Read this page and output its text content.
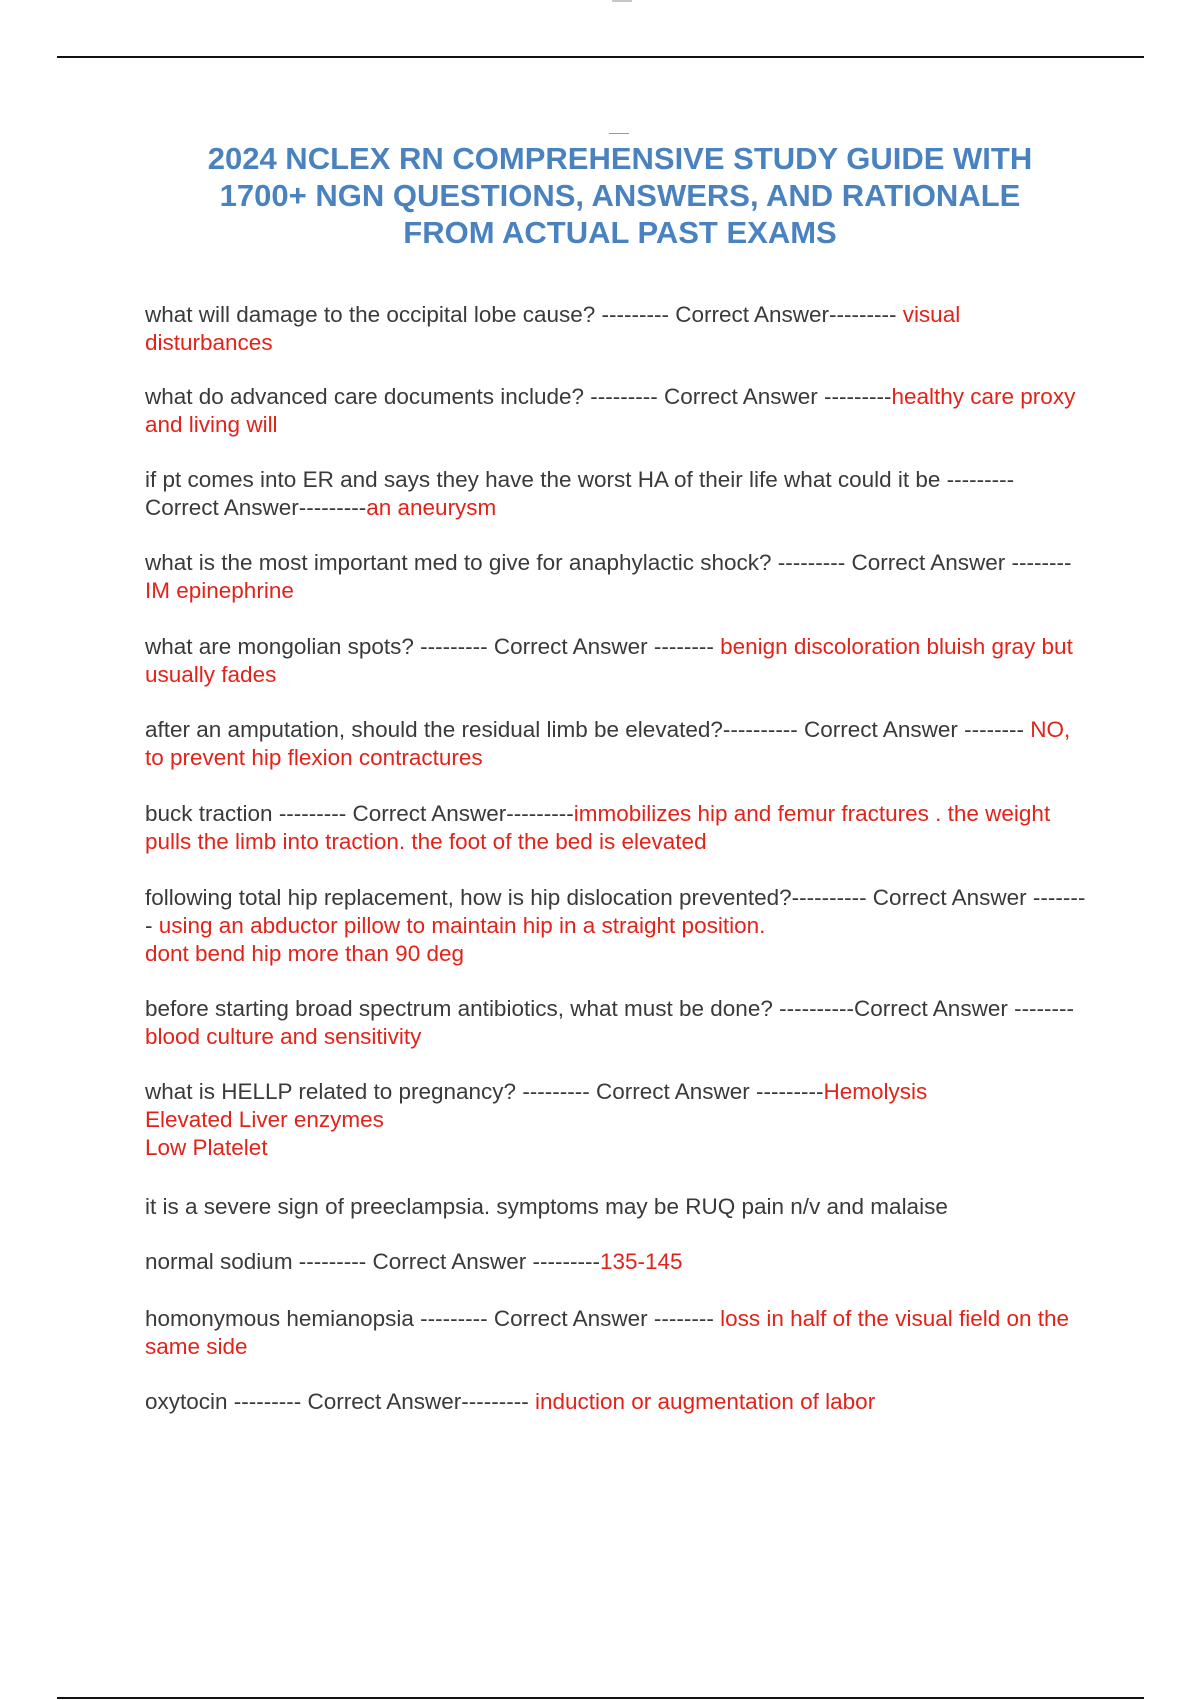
2024 NCLEX RN COMPREHENSIVE STUDY GUIDE WITH
1700+ NGN QUESTIONS, ANSWERS, AND RATIONALE
FROM ACTUAL PAST EXAMS

what will damage to the occipital lobe cause? --------- Correct Answer--------- visual disturbances

what do advanced care documents include? --------- Correct Answer ---------healthy care proxy and living will

if pt comes into ER and says they have the worst HA of their life what could it be --------- Correct Answer---------an aneurysm

what is the most important med to give for anaphylactic shock? --------- Correct Answer -------- IM epinephrine

what are mongolian spots? --------- Correct Answer -------- benign discoloration bluish gray but usually fades

after an amputation, should the residual limb be elevated?---------- Correct Answer -------- NO, to prevent hip flexion contractures

buck traction --------- Correct Answer---------immobilizes hip and femur fractures . the weight pulls the limb into traction. the foot of the bed is elevated

following total hip replacement, how is hip dislocation prevented?---------- Correct Answer -------- using an abductor pillow to maintain hip in a straight position.
dont bend hip more than 90 deg

before starting broad spectrum antibiotics, what must be done? ----------Correct Answer -------- blood culture and sensitivity

what is HELLP related to pregnancy? --------- Correct Answer ---------Hemolysis
Elevated Liver enzymes
Low Platelet

it is a severe sign of preeclampsia. symptoms may be RUQ pain n/v and malaise

normal sodium --------- Correct Answer ---------135-145

homonymous hemianopsia --------- Correct Answer -------- loss in half of the visual field on the same side

oxytocin --------- Correct Answer--------- induction or augmentation of labor
